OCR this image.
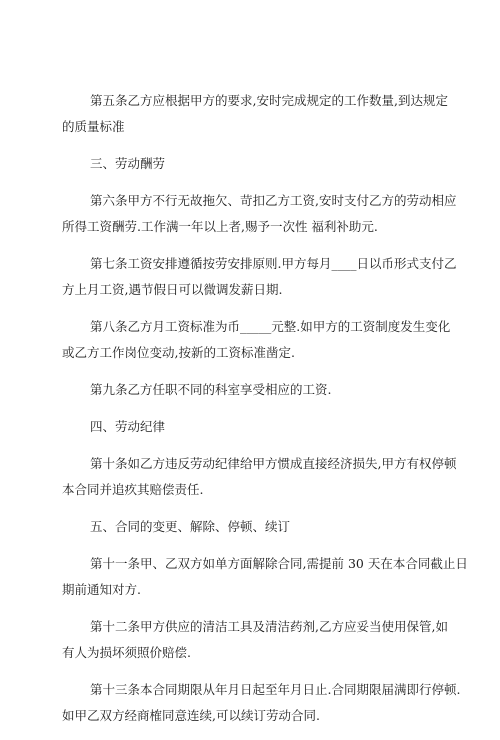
第五条乙方应根据甲方的要求,安时完成规定的工作数量,到达规定
的质量标准

三、劳动酬劳

第六条甲方不行无故拖欠、苛扣乙方工资,安时支付乙方的劳动相应
所得工资酬劳.工作满一年以上者,赐予一次性 福利补助元.

第七条工资安排遵循按劳安排原则.甲方每月____日以币形式支付乙
方上月工资,遇节假日可以微调发薪日期.

第八条乙方月工资标准为币_____元整.如甲方的工资制度发生变化
或乙方工作岗位变动,按新的工资标准凿定.

第九条乙方任职不同的科室享受相应的工资.

四、劳动纪律

第十条如乙方违反劳动纪律给甲方惯成直接经济损失,甲方有权停顿
本合同并追疚其赔偿责任.

五、合同的变更、解除、停顿、续订

第十一条甲、乙双方如单方面解除合同,需提前 30 天在本合同截止日
期前通知对方.

第十二条甲方供应的清洁工具及清洁药剂,乙方应妥当使用保管,如
有人为损坏须照价赔偿.

第十三条本合同期限从年月日起至年月日止.合同期限届满即行停顿.
如甲乙双方经商榷同意连续,可以续订劳动合同.
